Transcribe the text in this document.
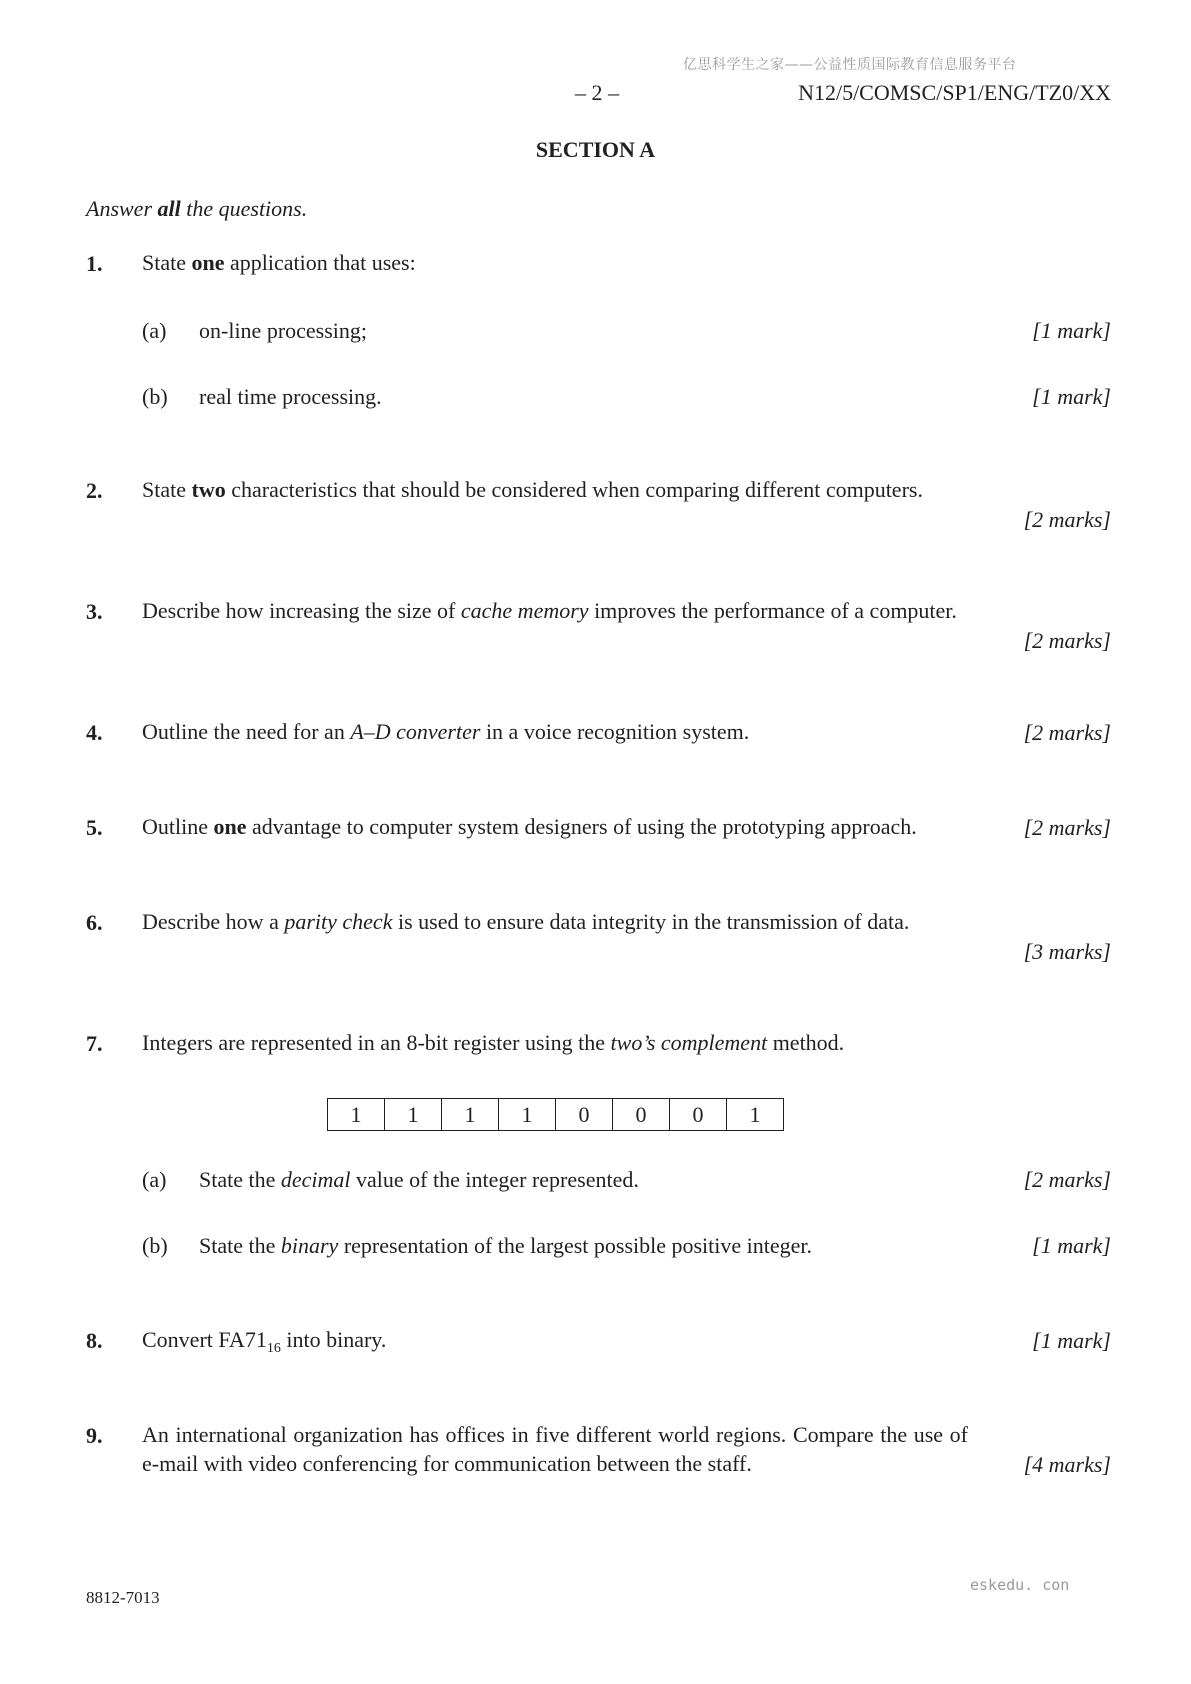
亿思科学生之家——公益性质国际教育信息服务平台
– 2 –	N12/5/COMSC/SP1/ENG/TZ0/XX
SECTION A
Answer all the questions.
1. State one application that uses:
(a) on-line processing;	[1 mark]
(b) real time processing.	[1 mark]
2. State two characteristics that should be considered when comparing different computers.
[2 marks]
3. Describe how increasing the size of cache memory improves the performance of a computer.
[2 marks]
4. Outline the need for an A–D converter in a voice recognition system.	[2 marks]
5. Outline one advantage to computer system designers of using the prototyping approach.	[2 marks]
6. Describe how a parity check is used to ensure data integrity in the transmission of data.
[3 marks]
7. Integers are represented in an 8-bit register using the two’s complement method.
1	1	1	1	0	0	0	1
(a) State the decimal value of the integer represented.	[2 marks]
(b) State the binary representation of the largest possible positive integer.	[1 mark]
8. Convert $FA71_{16}$ into binary.	[1 mark]
9. An international organization has offices in five different world regions. Compare the use of e-mail with video conferencing for communication between the staff.	[4 marks]
8812-7013
eskedu. con
